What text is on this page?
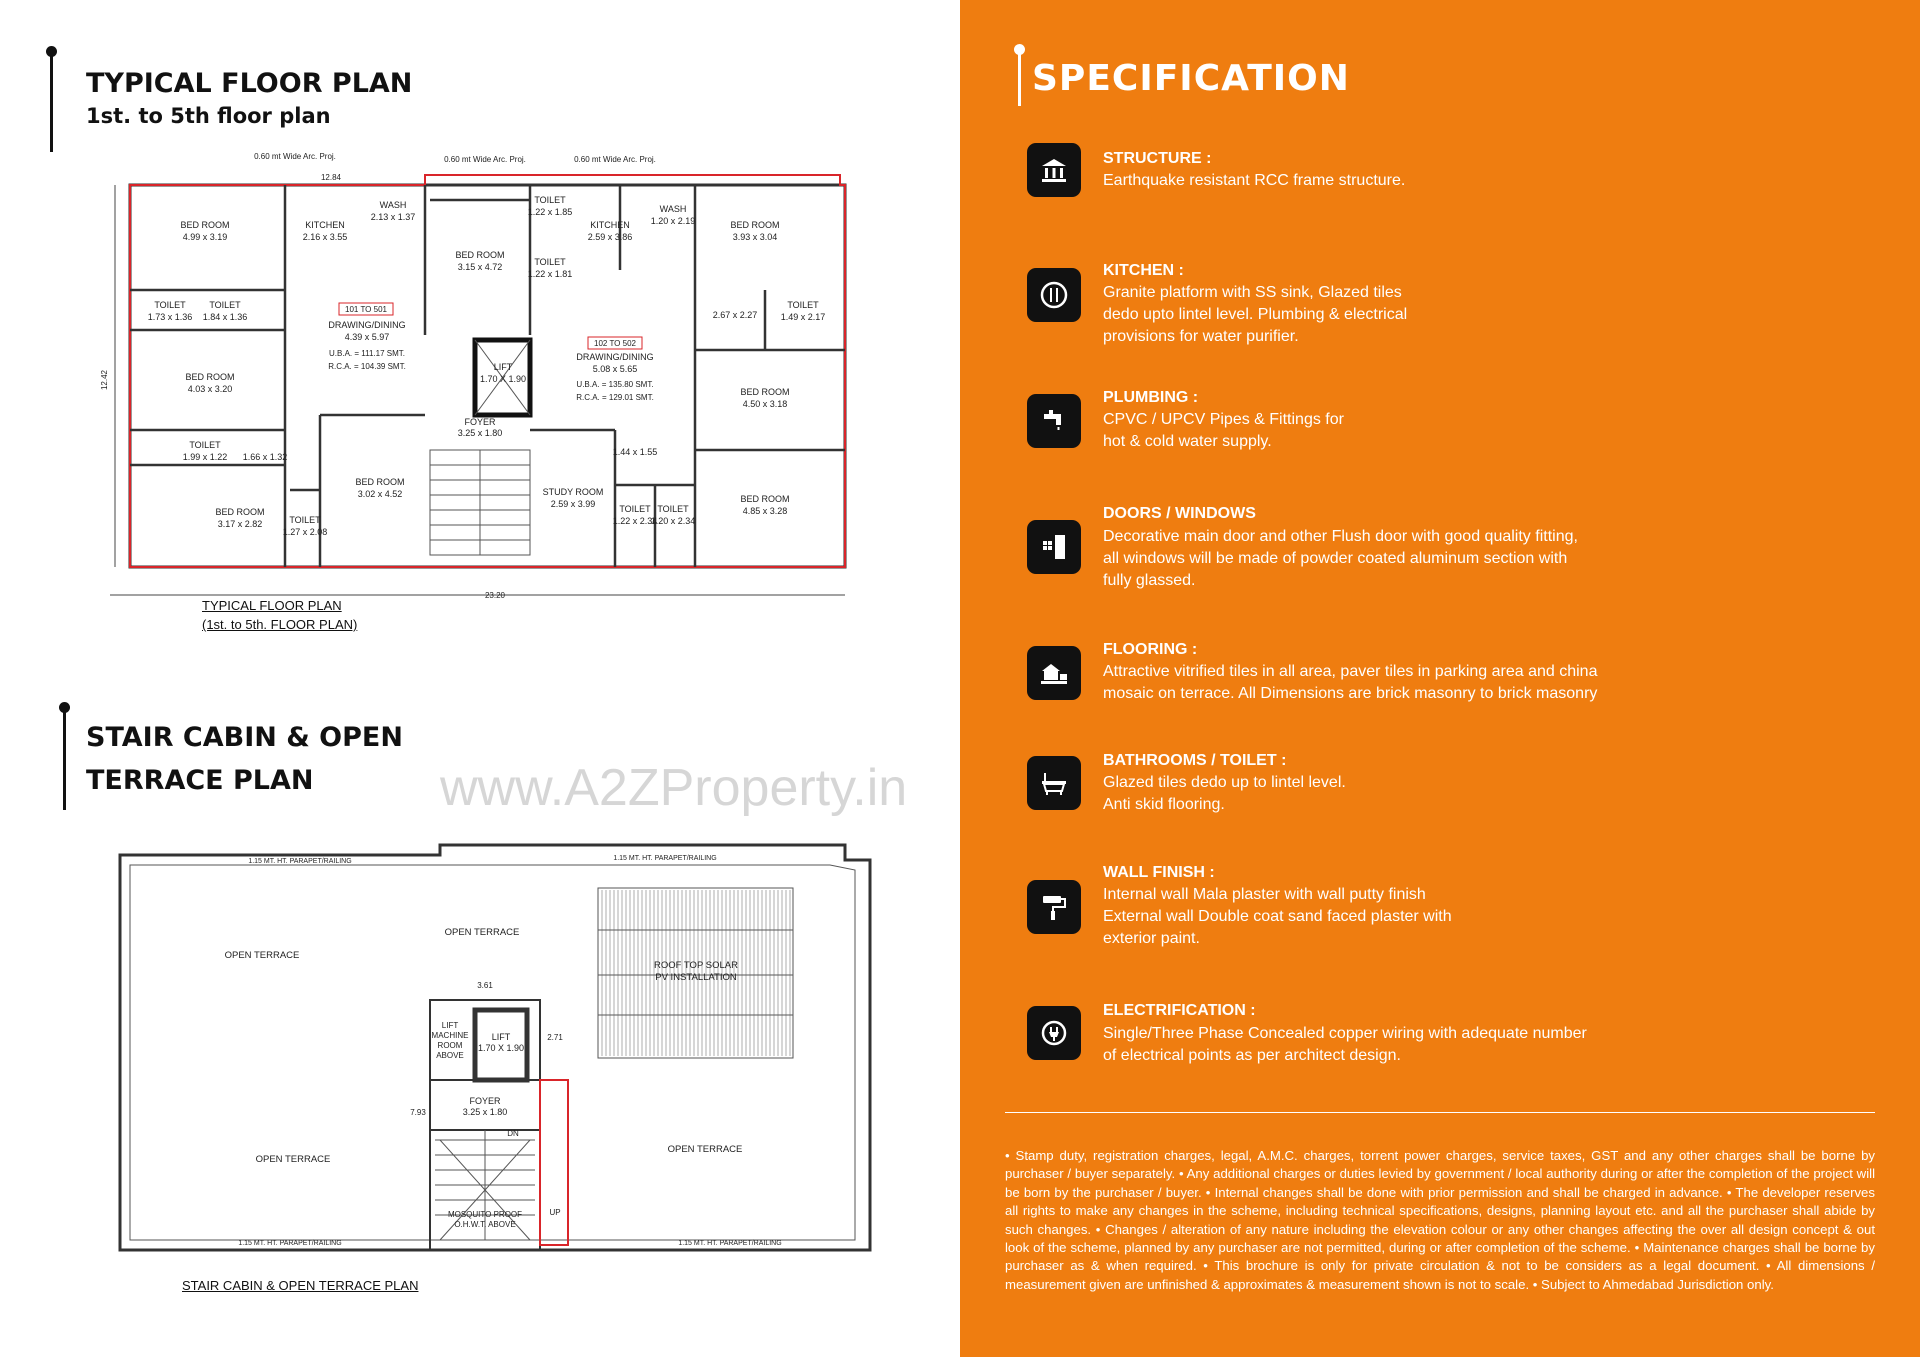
TYPICAL FLOOR PLAN
1st. to 5th floor plan
BED ROOM
4.99 x 3.19
KITCHEN
2.16 x 3.55
WASH
2.13 x 1.37
TOILET
1.73 x 1.36
TOILET
1.84 x 1.36
BED ROOM
4.03 x 3.20
DRAWING/DINING
4.39 x 5.97
BED ROOM
3.15 x 4.72
TOILET
1.22 x 1.85
TOILET
1.22 x 1.81
LIFT
1.70 X 1.90
FOYER
3.25 x 1.80
KITCHEN
2.59 x 3.86
WASH
1.20 x 2.19	BED ROOM
3.93 x 3.04
2.67 x 2.27
TOILET
1.49 x 2.17
DRAWING/DINING
5.08 x 5.65
BED ROOM
4.50 x 3.18
TOILET
1.99 x 1.22 1.66 x 1.32
BED ROOM
3.02 x 4.52
BED ROOM
3.17 x 2.82	TOILET
1.27 x 2.08
STUDY ROOM
2.59 x 3.99
1.44 x 1.55
TOILET
1.22 x 2.34
TOILET
1.20 x 2.34
BED ROOM
4.85 x 3.28
101 TO 501
U.B.A. = 111.17 SMT.
R.C.A. = 104.39 SMT.
102 TO 502
U.B.A. = 135.80 SMT.
R.C.A. = 129.01 SMT.
0.60 mt Wide Arc. Proj.	0.60 mt Wide Arc. Proj.	0.60 mt Wide Arc. Proj.
12.84
23.20
12.42
TYPICAL FLOOR PLAN
(1st. to 5th. FLOOR PLAN)
www.A2ZProperty.in
STAIR CABIN & OPEN
TERRACE PLAN
OPEN TERRACE
OPEN TERRACE
OPEN TERRACE
OPEN TERRACE
ROOF TOP SOLAR
PV INSTALLATION
LIFT
MACHINE
ROOM
ABOVE
LIFT
1.70 X 1.90
FOYER
3.25 x 1.80
MOSQUITO PROOF
O.H.W.T. ABOVE
1.15 MT. HT. PARAPET/RAILING	1.15 MT. HT. PARAPET/RAILING
1.15 MT. HT. PARAPET/RAILING	1.15 MT. HT. PARAPET/RAILING
3.61
2.71
7.93
DN
UP
STAIR CABIN & OPEN TERRACE PLAN
SPECIFICATION
STRUCTURE :
Earthquake resistant RCC frame structure.
KITCHEN :
Granite platform with SS sink, Glazed tiles
dedo upto lintel level. Plumbing & electrical
provisions for water purifier.
PLUMBING :
CPVC / UPCV Pipes & Fittings for
hot & cold water supply.
DOORS / WINDOWS
Decorative main door and other Flush door with good quality fitting,
all windows will be made of powder coated aluminum section with
fully glassed.
FLOORING :
Attractive vitrified tiles in all area, paver tiles in parking area and china
mosaic on terrace. All Dimensions are brick masonry to brick masonry
BATHROOMS / TOILET :
Glazed tiles dedo up to lintel level.
Anti skid flooring.
WALL FINISH :
Internal wall Mala plaster with wall putty finish
External wall Double coat sand faced plaster with
exterior paint.
ELECTRIFICATION :
Single/Three Phase Concealed copper wiring with adequate number
of electrical points as per architect design.
• Stamp duty, registration charges, legal, A.M.C. charges, torrent power charges, service taxes, GST and any other charges shall be borne by purchaser / buyer separately. • Any additional charges or duties levied by government / local authority during or after the completion of the project will be born by the purchaser / buyer. • Internal changes shall be done with prior permission and shall be charged in advance. • The developer reserves all rights to make any changes in the scheme, including technical specifications, designs, planning layout etc. and all the purchaser shall abide by such changes. • Changes / alteration of any nature including the elevation colour or any other changes affecting the over all design concept & out look of the scheme, planned by any purchaser are not permitted, during or after completion of the scheme. • Maintenance charges shall be borne by purchaser as & when required. • This brochure is only for private circulation & not to be considers as a legal document. • All dimensions / measurement given are unfinished & approximates & measurement shown is not to scale. • Subject to Ahmedabad Jurisdiction only.
